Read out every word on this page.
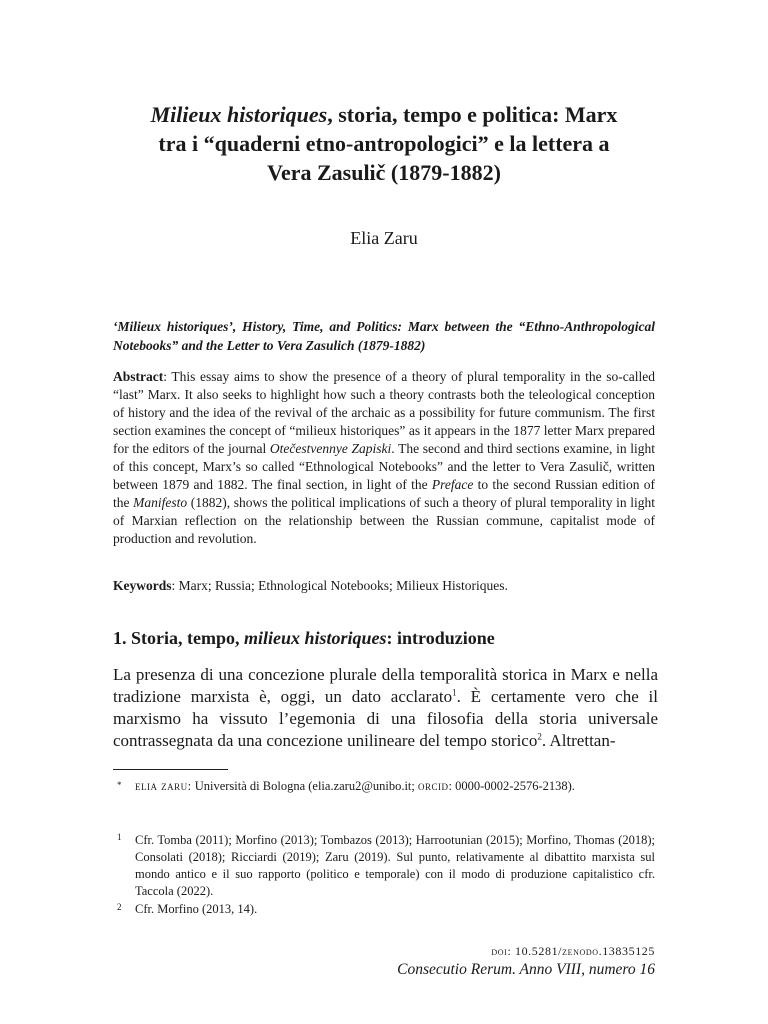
Milieux historiques, storia, tempo e politica: Marx
tra i “quaderni etno-antropologici” e la lettera a
Vera Zasulič (1879-1882)
Elia Zaru
‘Milieux historiques’, History, Time, and Politics: Marx between the “Ethno-Anthropological Notebooks” and the Letter to Vera Zasulich (1879-1882)
Abstract: This essay aims to show the presence of a theory of plural temporality in the so-called “last” Marx. It also seeks to highlight how such a theory contrasts both the teleological conception of history and the idea of the revival of the archaic as a possibility for future communism. The first section examines the concept of “milieux historiques” as it appears in the 1877 letter Marx prepared for the editors of the journal Otečestvennye Zapiski. The second and third sections examine, in light of this concept, Marx’s so called “Ethnological Notebooks” and the letter to Vera Zasulič, written between 1879 and 1882. The final section, in light of the Preface to the second Russian edition of the Manifesto (1882), shows the political implications of such a theory of plural temporality in light of Marxian reflection on the relationship between the Russian commune, capitalist mode of production and revolution.
Keywords: Marx; Russia; Ethnological Notebooks; Milieux Historiques.
1. Storia, tempo, milieux historiques: introduzione
La presenza di una concezione plurale della temporalità storica in Marx e nella tradizione marxista è, oggi, un dato acclarato$^1$. È certamente vero che il marxismo ha vissuto l’egemonia di una filosofia della storia universale contrassegnata da una concezione unilineare del tempo storico$^2$. Altrettan-
* elia zaru: Università di Bologna (elia.zaru2@unibo.it; orcid: 0000-0002-2576-2138).
1 Cfr. Tomba (2011); Morfino (2013); Tombazos (2013); Harrootunian (2015); Morfino, Thomas (2018); Consolati (2018); Ricciardi (2019); Zaru (2019). Sul punto, relativamente al dibattito marxista sul mondo antico e il suo rapporto (politico e temporale) con il modo di produzione capitalistico cfr. Taccola (2022).
2 Cfr. Morfino (2013, 14).
doi: 10.5281/zenodo.13835125
Consecutio Rerum. Anno VIII, numero 16
